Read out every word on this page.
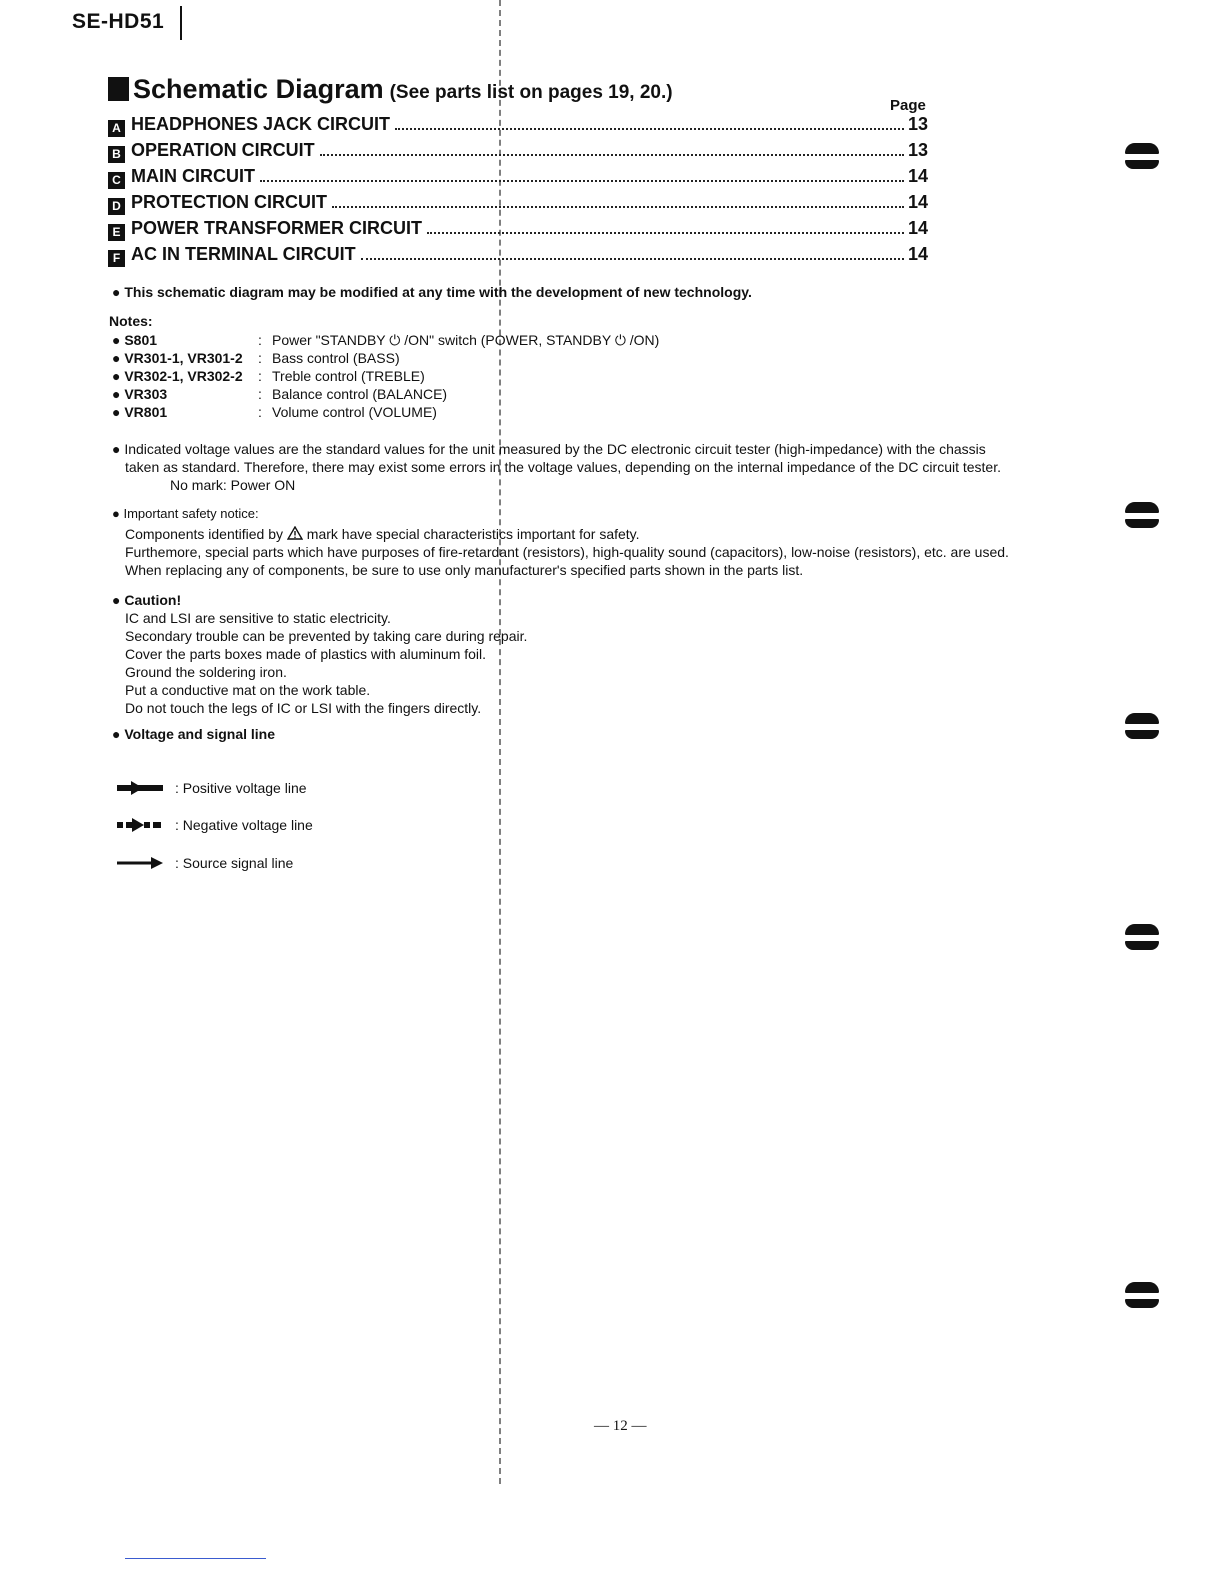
SE-HD51
Schematic Diagram (See parts list on pages 19, 20.)
Page
A HEADPHONES JACK CIRCUIT	13
B OPERATION CIRCUIT	13
C MAIN CIRCUIT	14
D PROTECTION CIRCUIT	14
E POWER TRANSFORMER CIRCUIT	14
F AC IN TERMINAL CIRCUIT	14
● This schematic diagram may be modified at any time with the development of new technology.
Notes:
● S801	: Power "STANDBY ⏻ /ON" switch (POWER, STANDBY ⏻ /ON)
● VR301-1, VR301-2	: Bass control (BASS)
● VR302-1, VR302-2	: Treble control (TREBLE)
● VR303	: Balance control (BALANCE)
● VR801	: Volume control (VOLUME)
● Indicated voltage values are the standard values for the unit measured by the DC electronic circuit tester (high-impedance) with the chassis
taken as standard. Therefore, there may exist some errors in the voltage values, depending on the internal impedance of the DC circuit tester.
No mark: Power ON
● Important safety notice:
Components identified by mark have special characteristics important for safety.
Furthemore, special parts which have purposes of fire-retardant (resistors), high-quality sound (capacitors), low-noise (resistors), etc. are used.
When replacing any of components, be sure to use only manufacturer's specified parts shown in the parts list.
● Caution!
IC and LSI are sensitive to static electricity.
Secondary trouble can be prevented by taking care during repair.
Cover the parts boxes made of plastics with aluminum foil.
Ground the soldering iron.
Put a conductive mat on the work table.
Do not touch the legs of IC or LSI with the fingers directly.
● Voltage and signal line
: Positive voltage line
: Negative voltage line
: Source signal line
— 12 —
